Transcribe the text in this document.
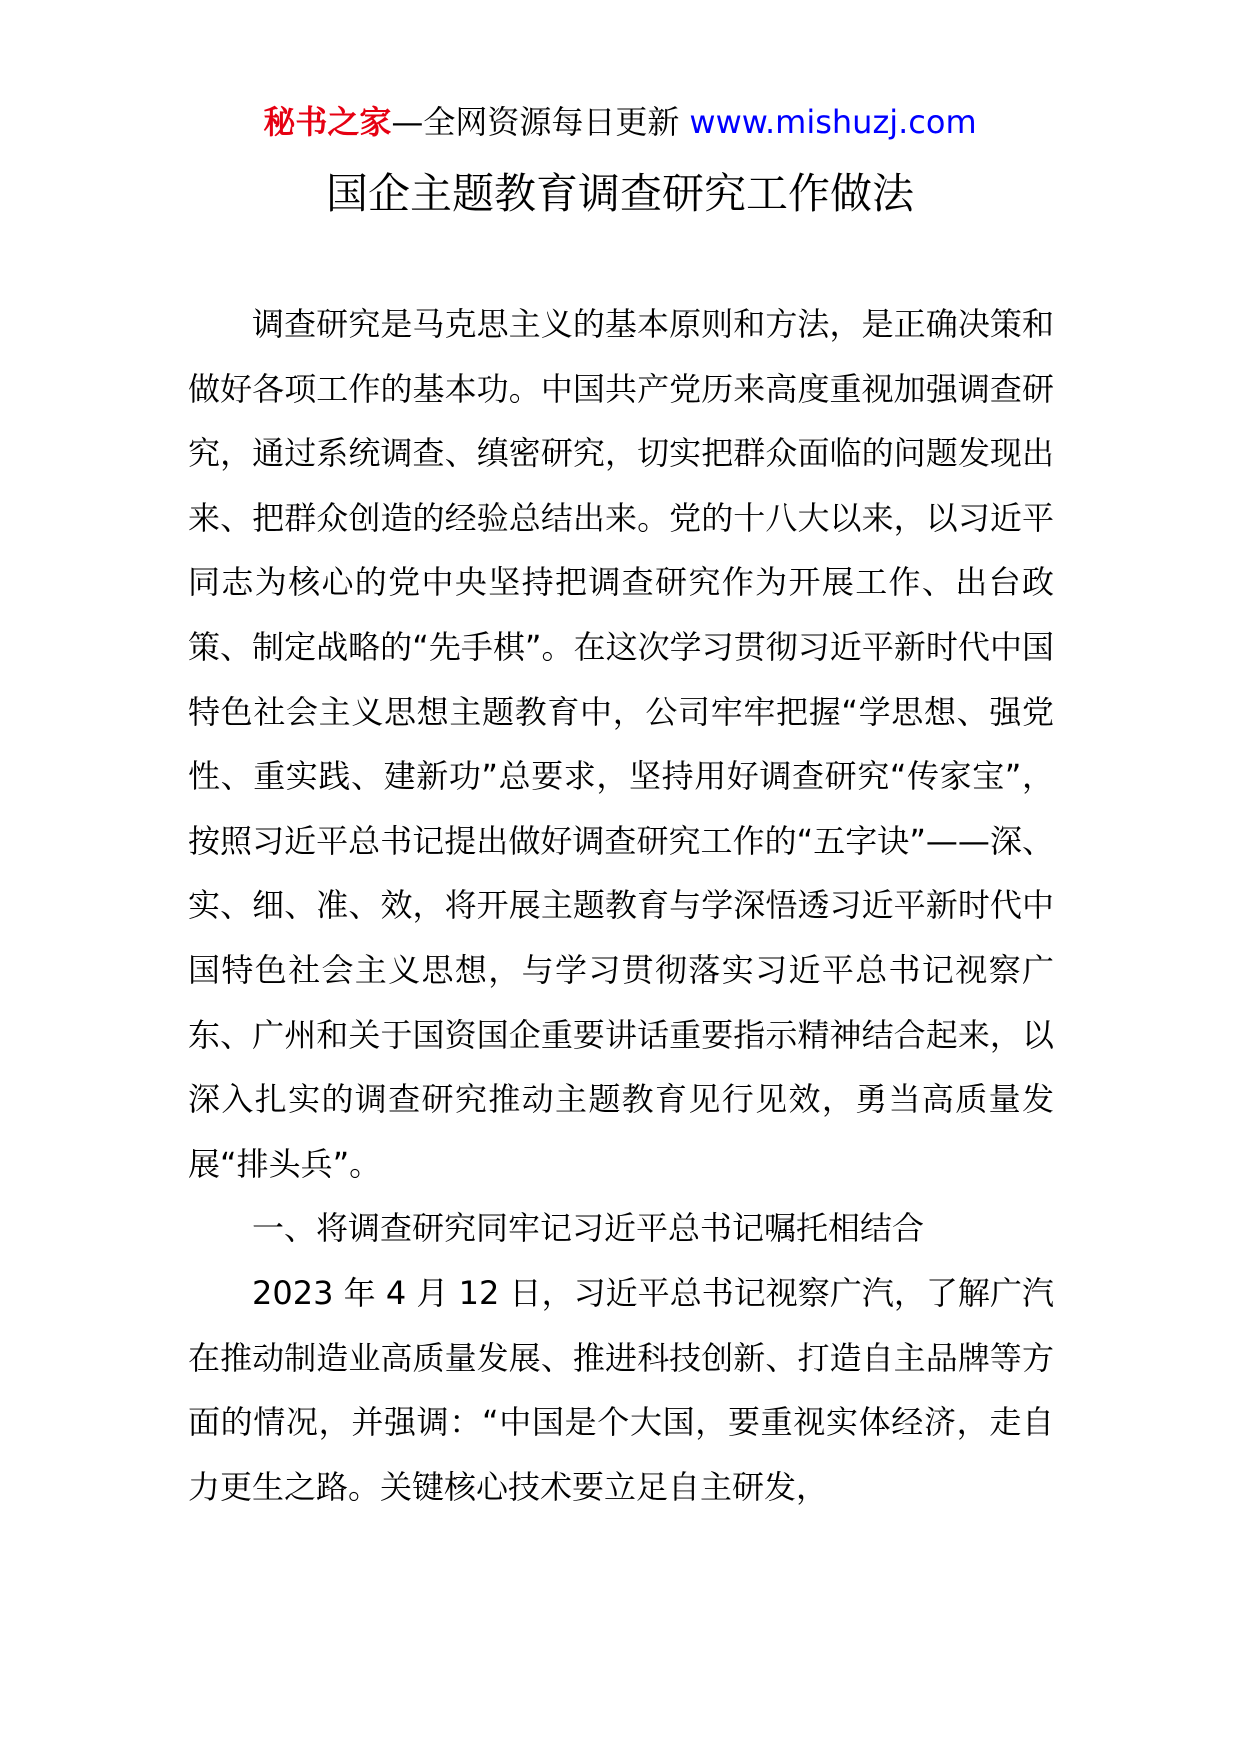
秘书之家—全网资源每日更新 www.mishuzj.com
国企主题教育调查研究工作做法

调查研究是马克思主义的基本原则和方法，是正确决策和做好各项工作的基本功。中国共产党历来高度重视加强调查研究，通过系统调查、缜密研究，切实把群众面临的问题发现出来、把群众创造的经验总结出来。党的十八大以来，以习近平同志为核心的党中央坚持把调查研究作为开展工作、出台政策、制定战略的“先手棋”。在这次学习贯彻习近平新时代中国特色社会主义思想主题教育中，公司牢牢把握“学思想、强党性、重实践、建新功”总要求，坚持用好调查研究“传家宝”，按照习近平总书记提出做好调查研究工作的“五字诀”——深、实、细、准、效，将开展主题教育与学深悟透习近平新时代中国特色社会主义思想，与学习贯彻落实习近平总书记视察广东、广州和关于国资国企重要讲话重要指示精神结合起来，以深入扎实的调查研究推动主题教育见行见效，勇当高质量发展“排头兵”。

一、将调查研究同牢记习近平总书记嘱托相结合

2023 年 4 月 12 日，习近平总书记视察广汽，了解广汽在推动制造业高质量发展、推进科技创新、打造自主品牌等方面的情况，并强调：“中国是个大国，要重视实体经济，走自力更生之路。关键核心技术要立足自主研发，
